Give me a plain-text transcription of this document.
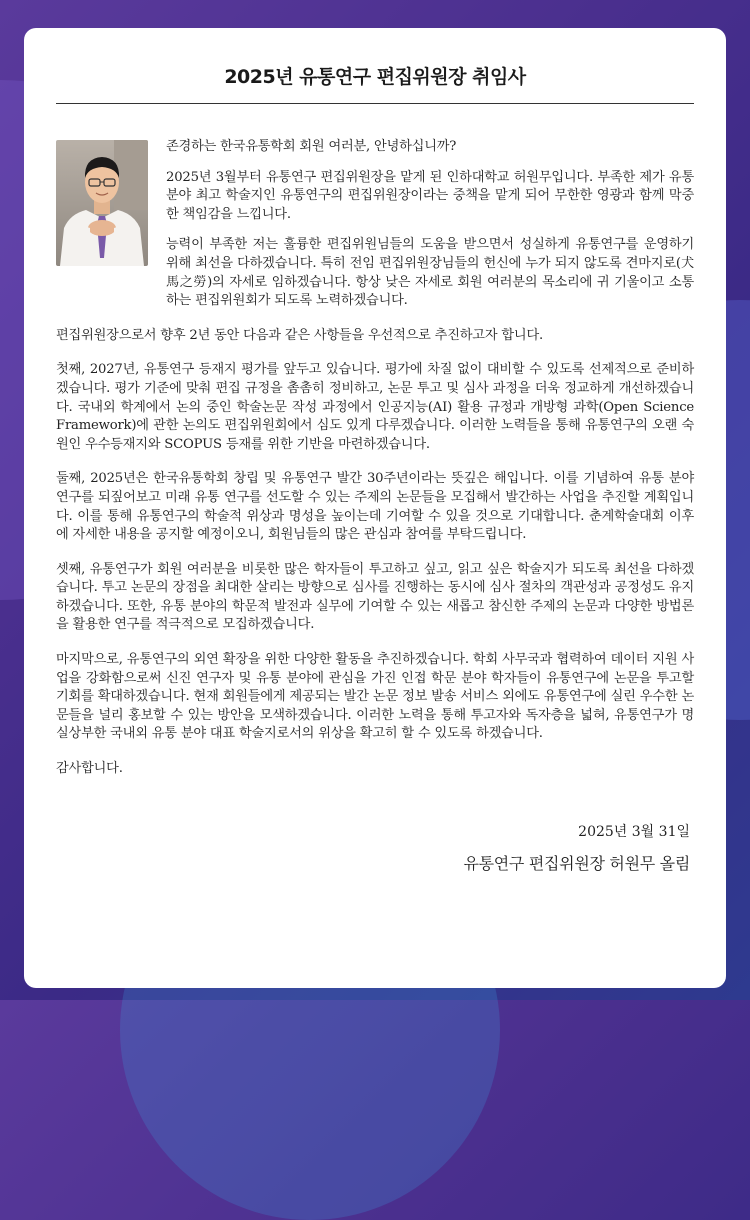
2025년 유통연구 편집위원장 취임사

존경하는 한국유통학회 회원 여러분, 안녕하십니까?

2025년 3월부터 유통연구 편집위원장을 맡게 된 인하대학교 허원무입니다. 부족한 제가 유통 분야 최고 학술지인 유통연구의 편집위원장이라는 중책을 맡게 되어 무한한 영광과 함께 막중한 책임감을 느낍니다.

능력이 부족한 저는 훌륭한 편집위원님들의 도움을 받으면서 성실하게 유통연구를 운영하기 위해 최선을 다하겠습니다. 특히 전임 편집위원장님들의 헌신에 누가 되지 않도록 견마지로(犬馬之勞)의 자세로 임하겠습니다. 항상 낮은 자세로 회원 여러분의 목소리에 귀 기울이고 소통하는 편집위원회가 되도록 노력하겠습니다.

편집위원장으로서 향후 2년 동안 다음과 같은 사항들을 우선적으로 추진하고자 합니다.

첫째, 2027년, 유통연구 등재지 평가를 앞두고 있습니다. 평가에 차질 없이 대비할 수 있도록 선제적으로 준비하겠습니다. 평가 기준에 맞춰 편집 규정을 촘촘히 정비하고, 논문 투고 및 심사 과정을 더욱 정교하게 개선하겠습니다. 국내외 학계에서 논의 중인 학술논문 작성 과정에서 인공지능(AI) 활용 규정과 개방형 과학(Open Science Framework)에 관한 논의도 편집위원회에서 심도 있게 다루겠습니다. 이러한 노력들을 통해 유통연구의 오랜 숙원인 우수등재지와 SCOPUS 등재를 위한 기반을 마련하겠습니다.

둘째, 2025년은 한국유통학회 창립 및 유통연구 발간 30주년이라는 뜻깊은 해입니다. 이를 기념하여 유통 분야 연구를 되짚어보고 미래 유통 연구를 선도할 수 있는 주제의 논문들을 모집해서 발간하는 사업을 추진할 계획입니다. 이를 통해 유통연구의 학술적 위상과 명성을 높이는데 기여할 수 있을 것으로 기대합니다. 춘계학술대회 이후에 자세한 내용을 공지할 예정이오니, 회원님들의 많은 관심과 참여를 부탁드립니다.

셋째, 유통연구가 회원 여러분을 비롯한 많은 학자들이 투고하고 싶고, 읽고 싶은 학술지가 되도록 최선을 다하겠습니다. 투고 논문의 장점을 최대한 살리는 방향으로 심사를 진행하는 동시에 심사 절차의 객관성과 공정성도 유지하겠습니다. 또한, 유통 분야의 학문적 발전과 실무에 기여할 수 있는 새롭고 참신한 주제의 논문과 다양한 방법론을 활용한 연구를 적극적으로 모집하겠습니다.

마지막으로, 유통연구의 외연 확장을 위한 다양한 활동을 추진하겠습니다. 학회 사무국과 협력하여 데이터 지원 사업을 강화함으로써 신진 연구자 및 유통 분야에 관심을 가진 인접 학문 분야 학자들이 유통연구에 논문을 투고할 기회를 확대하겠습니다. 현재 회원들에게 제공되는 발간 논문 정보 발송 서비스 외에도 유통연구에 실린 우수한 논문들을 널리 홍보할 수 있는 방안을 모색하겠습니다. 이러한 노력을 통해 투고자와 독자층을 넓혀, 유통연구가 명실상부한 국내외 유통 분야 대표 학술지로서의 위상을 확고히 할 수 있도록 하겠습니다.

감사합니다.

2025년 3월 31일
유통연구 편집위원장 허원무 올림
